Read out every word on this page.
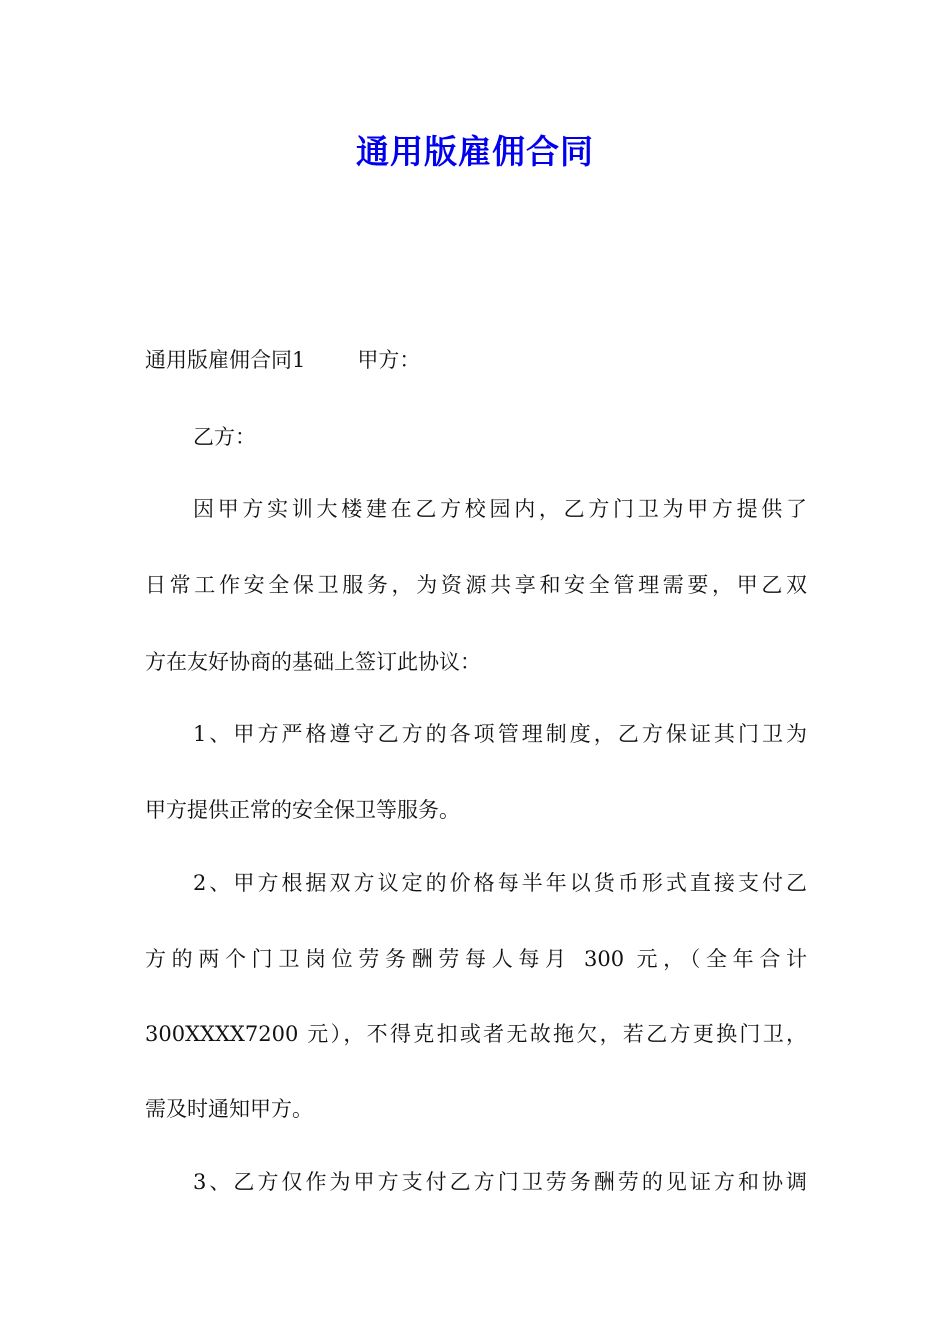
通用版雇佣合同
通用版雇佣合同1 甲方：
乙方：
因甲方实训大楼建在乙方校园内，乙方门卫为甲方提供了
日常工作安全保卫服务，为资源共享和安全管理需要，甲乙双
方在友好协商的基础上签订此协议：
1、甲方严格遵守乙方的各项管理制度，乙方保证其门卫为
甲方提供正常的安全保卫等服务。
2、甲方根据双方议定的价格每半年以货币形式直接支付乙
方的两个门卫岗位劳务酬劳每人每月 300 元，（全年合计
300XXXX7200 元），不得克扣或者无故拖欠，若乙方更换门卫，
需及时通知甲方。
3、乙方仅作为甲方支付乙方门卫劳务酬劳的见证方和协调
